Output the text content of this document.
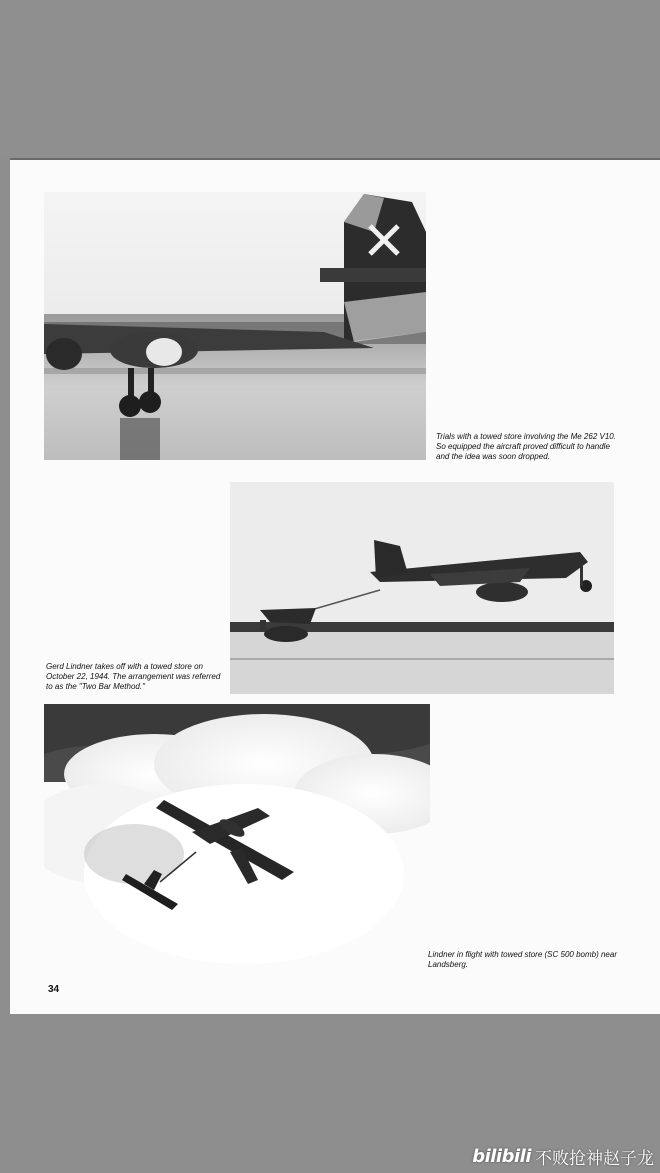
Trials with a towed store involving the Me 262 V10. So equipped the aircraft proved difficult to handle and the idea was soon dropped.
Gerd Lindner takes off with a towed store on October 22, 1944. The arrangement was referred to as the "Two Bar Method."
Lindner in flight with towed store (SC 500 bomb) near Landsberg.
34
bilibili 不败抢神赵子龙
